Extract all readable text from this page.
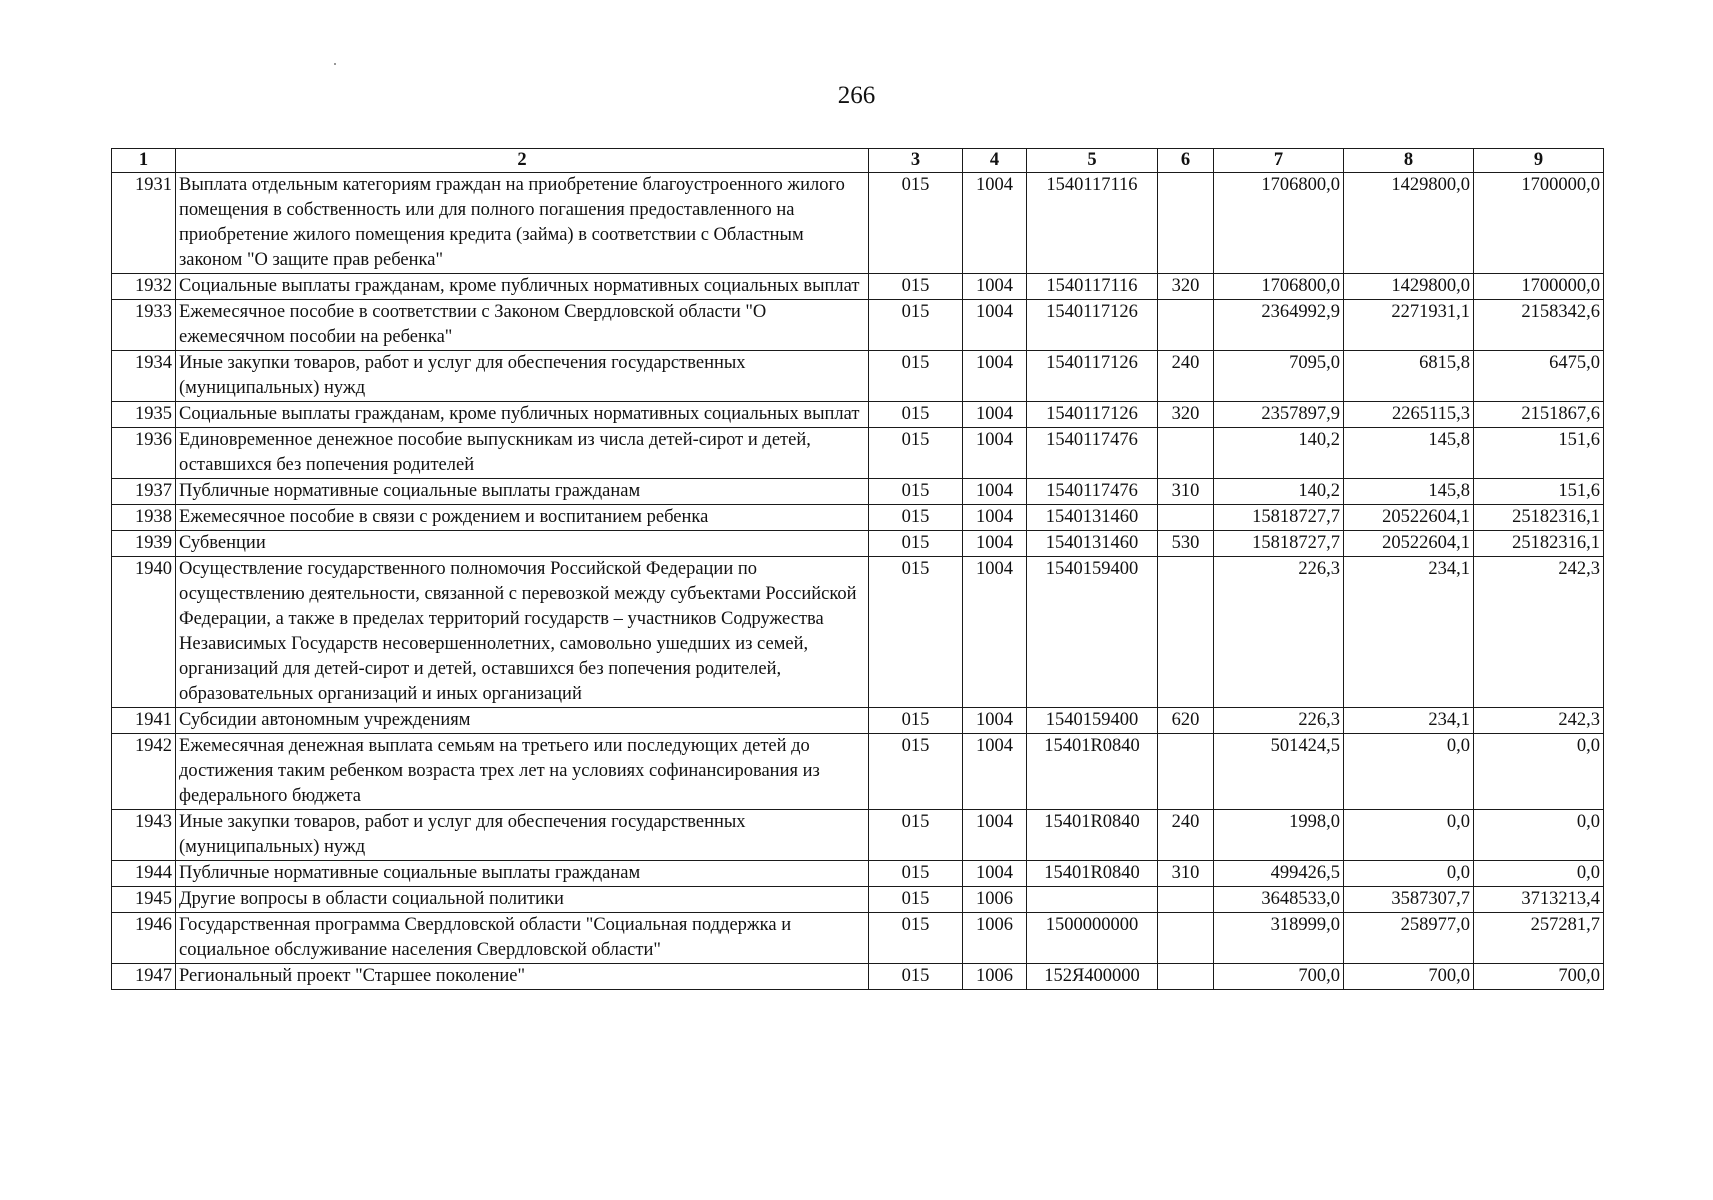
266
1	2	3	4	5	6	7	8	9
1931	Выплата отдельным категориям граждан на приобретение благоустроенного жилого помещения в собственность или для полного погашения предоставленного на приобретение жилого помещения кредита (займа) в соответствии с Областным законом "О защите прав ребенка"	015	1004	1540117116		1706800,0	1429800,0	1700000,0
1932	Социальные выплаты гражданам, кроме публичных нормативных социальных выплат	015	1004	1540117116	320	1706800,0	1429800,0	1700000,0
1933	Ежемесячное пособие в соответствии с Законом Свердловской области "О ежемесячном пособии на ребенка"	015	1004	1540117126		2364992,9	2271931,1	2158342,6
1934	Иные закупки товаров, работ и услуг для обеспечения государственных (муниципальных) нужд	015	1004	1540117126	240	7095,0	6815,8	6475,0
1935	Социальные выплаты гражданам, кроме публичных нормативных социальных выплат	015	1004	1540117126	320	2357897,9	2265115,3	2151867,6
1936	Единовременное денежное пособие выпускникам из числа детей-сирот и детей, оставшихся без попечения родителей	015	1004	1540117476		140,2	145,8	151,6
1937	Публичные нормативные социальные выплаты гражданам	015	1004	1540117476	310	140,2	145,8	151,6
1938	Ежемесячное пособие в связи с рождением и воспитанием ребенка	015	1004	1540131460		15818727,7	20522604,1	25182316,1
1939	Субвенции	015	1004	1540131460	530	15818727,7	20522604,1	25182316,1
1940	Осуществление государственного полномочия Российской Федерации по осуществлению деятельности, связанной с перевозкой между субъектами Российской Федерации, а также в пределах территорий государств – участников Содружества Независимых Государств несовершеннолетних, самовольно ушедших из семей, организаций для детей-сирот и детей, оставшихся без попечения родителей, образовательных организаций и иных организаций	015	1004	1540159400		226,3	234,1	242,3
1941	Субсидии автономным учреждениям	015	1004	1540159400	620	226,3	234,1	242,3
1942	Ежемесячная денежная выплата семьям на третьего или последующих детей до достижения таким ребенком возраста трех лет на условиях софинансирования из федерального бюджета	015	1004	15401R0840		501424,5	0,0	0,0
1943	Иные закупки товаров, работ и услуг для обеспечения государственных (муниципальных) нужд	015	1004	15401R0840	240	1998,0	0,0	0,0
1944	Публичные нормативные социальные выплаты гражданам	015	1004	15401R0840	310	499426,5	0,0	0,0
1945	Другие вопросы в области социальной политики	015	1006			3648533,0	3587307,7	3713213,4
1946	Государственная программа Свердловской области "Социальная поддержка и социальное обслуживание населения Свердловской области"	015	1006	1500000000		318999,0	258977,0	257281,7
1947	Региональный проект "Старшее поколение"	015	1006	152Я400000		700,0	700,0	700,0
